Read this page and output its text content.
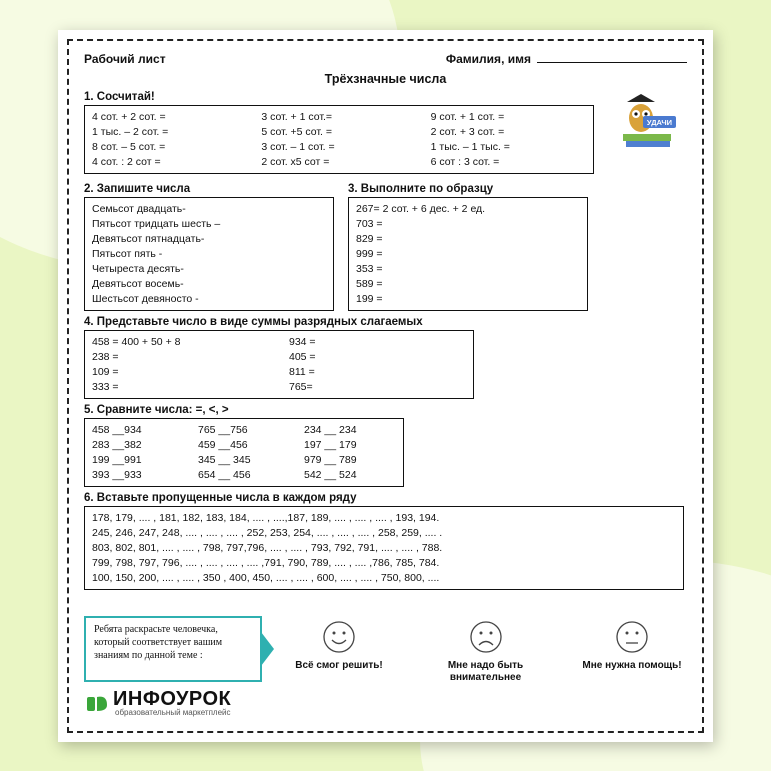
Рабочий лист	Фамилия, имя
УДАЧИ
Трёхзначные числа
1. Сосчитай!
4 сот. + 2 сот. =
1 тыс. – 2 сот. =
8 сот. – 5 сот. =
4 сот. : 2 сот =
3 сот. + 1 сот.=
5 сот. +5 сот. =
3 сот. – 1 сот. =
2 сот. х5 сот =
9 сот. + 1 сот. =
2 сот. + 3 сот. =
1 тыс. – 1 тыс. =
6 сот : 3 сот. =
2. Запишите числа
Семьсот двадцать-
Пятьсот тридцать шесть –
Девятьсот пятнадцать-
Пятьсот пять -
Четыреста десять-
Девятьсот восемь-
Шестьсот девяносто -
3. Выполните по образцу
267= 2 сот. + 6 дес. + 2 ед.
703 =
829 =
999 =
353 =
589 =
199 =
4. Представьте число в виде суммы разрядных слагаемых
458 = 400 + 50 + 8
238 =
109 =
333 =
934 =
405 =
811 =
765=
5. Сравните числа: =, <, >
458 __934
283 __382
199 __991
393 __933
765 __756
459 __456
345 __ 345
654 __ 456
234 __ 234
197 __ 179
979 __ 789
542 __ 524
6. Вставьте пропущенные числа в каждом ряду
178, 179, .... , 181, 182, 183, 184, .... , ....,187, 189, .... , .... , .... , 193, 194.
245, 246, 247, 248, .... , .... , .... , 252, 253, 254, .... , .... , .... , 258, 259, .... .
803, 802, 801, .... , .... , 798, 797,796, .... , .... , 793, 792, 791, .... , .... , 788.
799, 798, 797, 796, .... , .... , .... , .... ,791, 790, 789, .... , .... ,786, 785, 784.
100, 150, 200, .... , .... , 350 , 400, 450, .... , .... , 600, .... , .... , 750, 800, ....
Ребята раскрасьте человечка,
который соответствует вашим
знаниям по данной теме :
ИНФОУРОК
образовательный маркетплейс
Всё смог решить!	Мне надо быть внимательнее
Мне нужна помощь!
